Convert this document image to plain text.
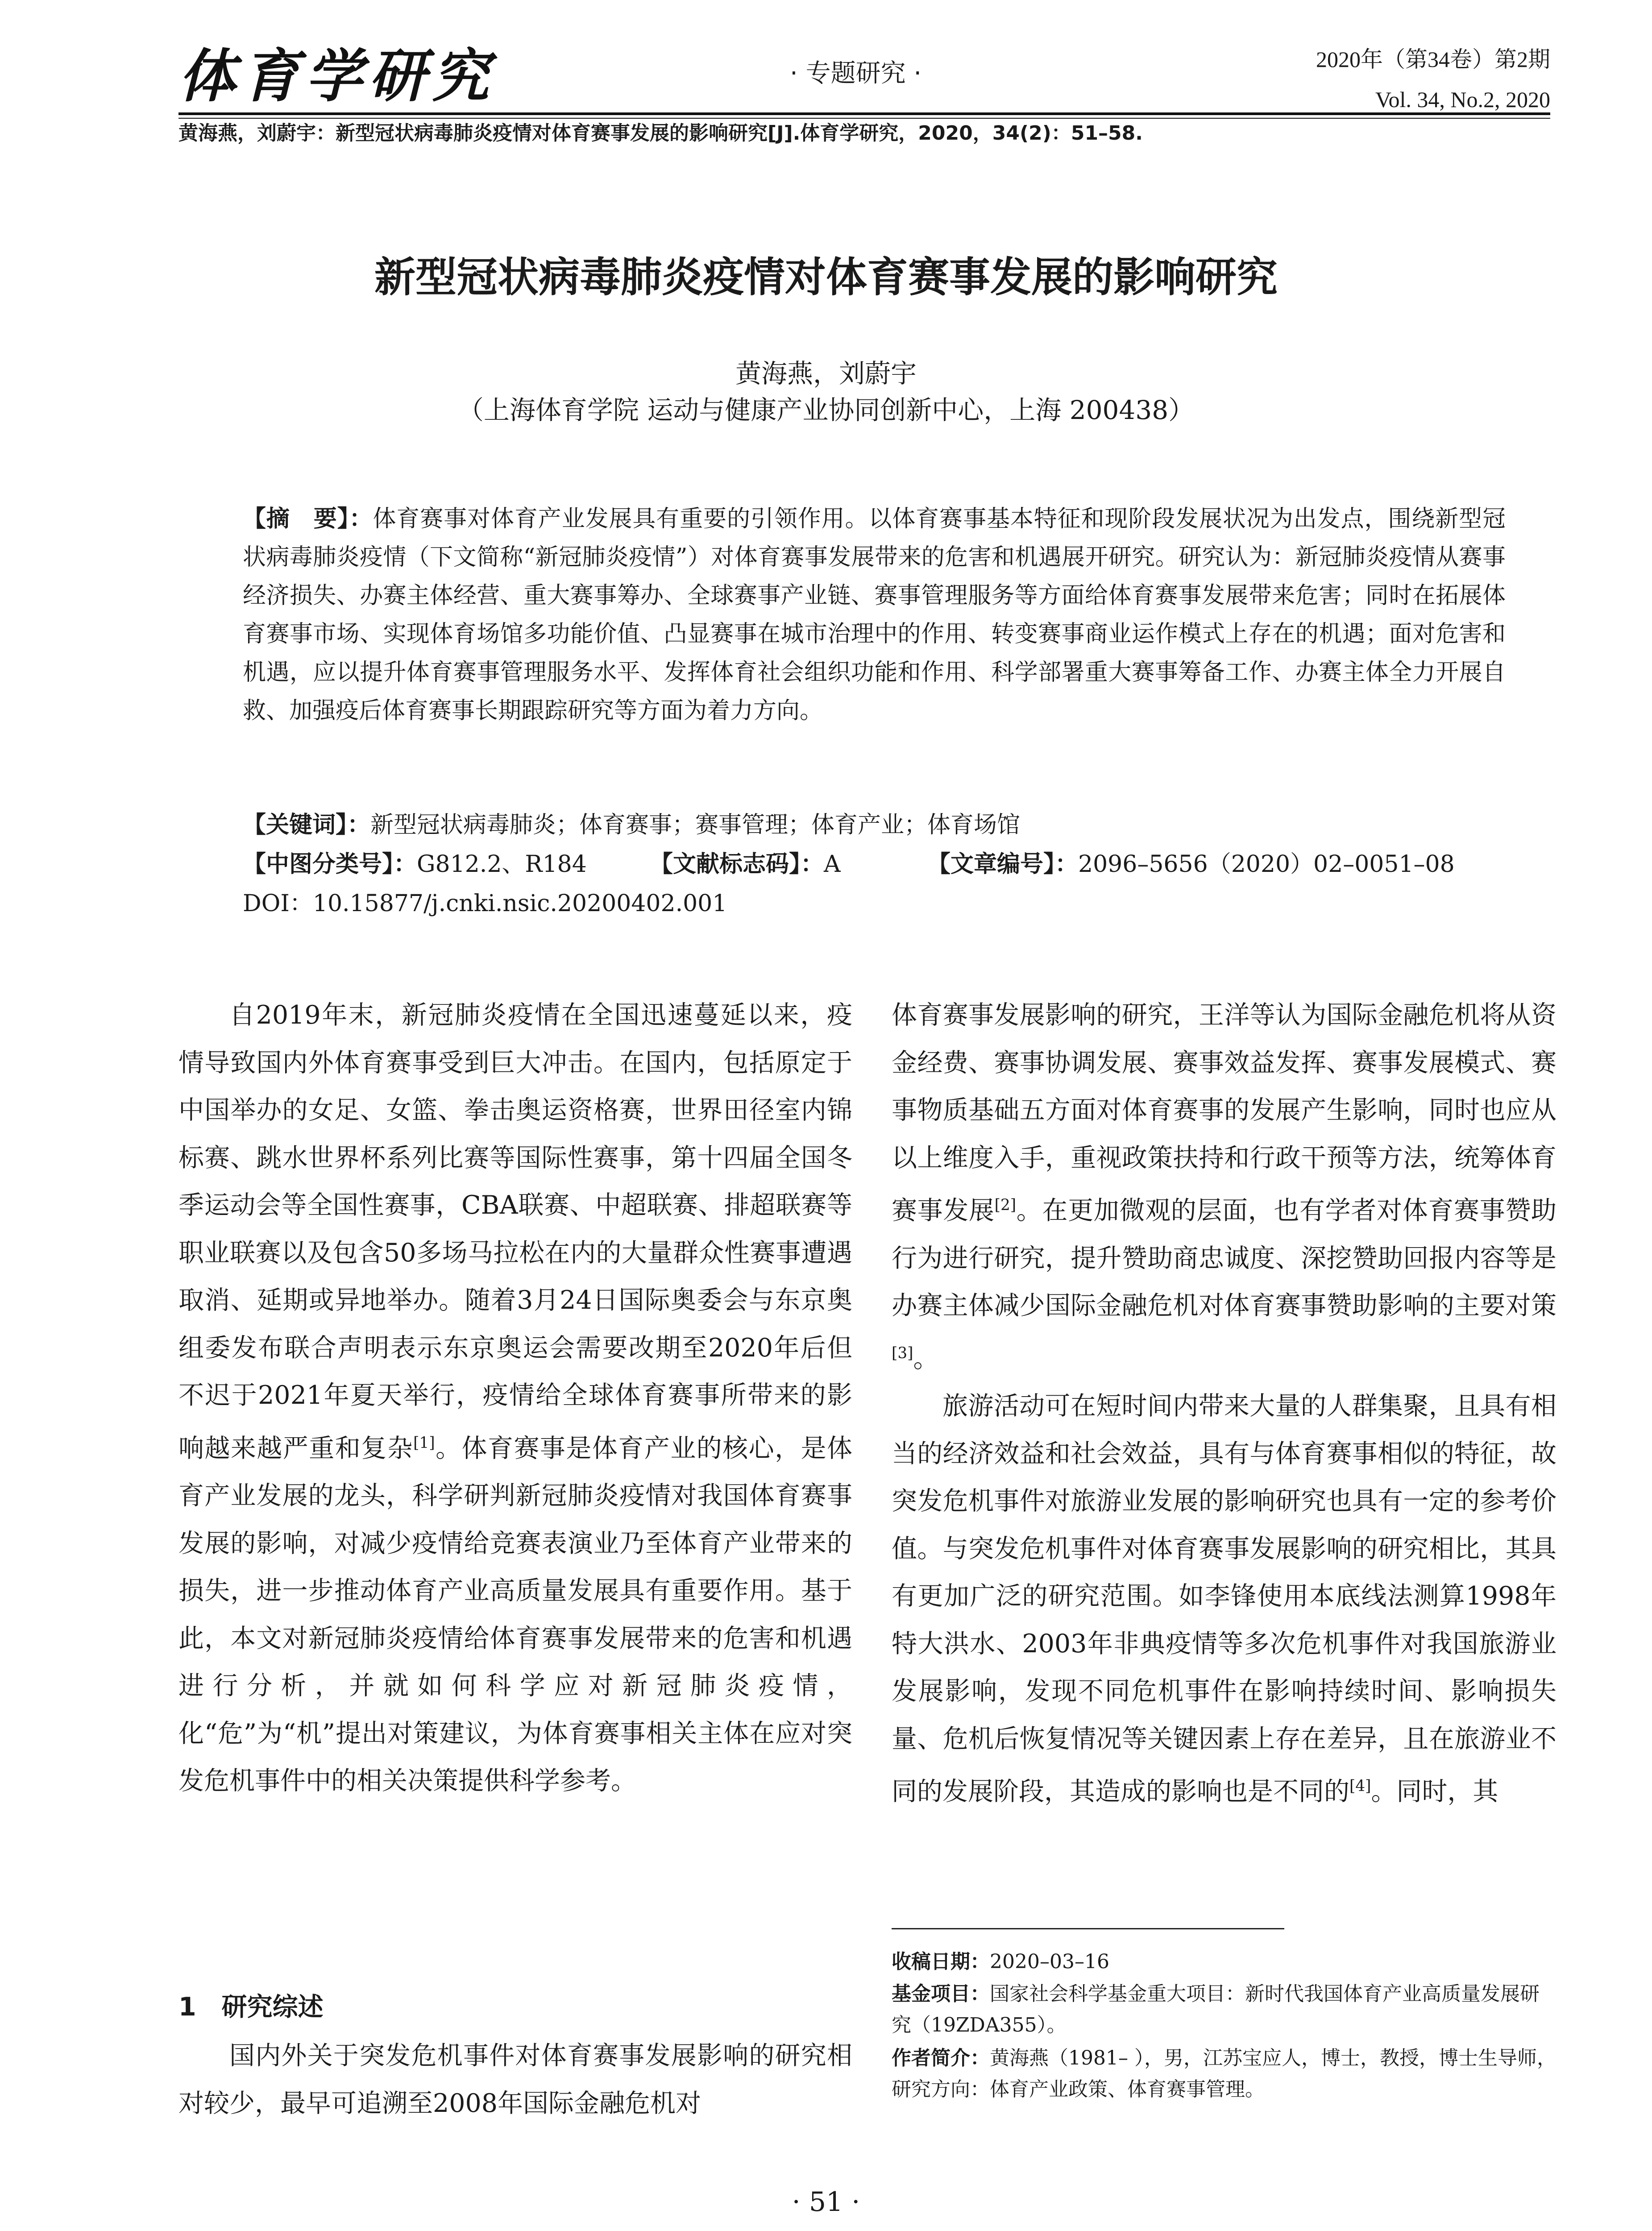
体育学研究	· 专题研究 ·	2020年（第34卷）第2期
Vol. 34, No.2, 2020
黄海燕，刘蔚宇：新型冠状病毒肺炎疫情对体育赛事发展的影响研究[J].体育学研究，2020，34(2)：51–58.
新型冠状病毒肺炎疫情对体育赛事发展的影响研究
黄海燕，刘蔚宇
（上海体育学院 运动与健康产业协同创新中心，上海 200438）
【摘　要】：体育赛事对体育产业发展具有重要的引领作用。以体育赛事基本特征和现阶段发展状况为出发点，围绕新型冠状病毒肺炎疫情（下文简称“新冠肺炎疫情”）对体育赛事发展带来的危害和机遇展开研究。研究认为：新冠肺炎疫情从赛事经济损失、办赛主体经营、重大赛事筹办、全球赛事产业链、赛事管理服务等方面给体育赛事发展带来危害；同时在拓展体育赛事市场、实现体育场馆多功能价值、凸显赛事在城市治理中的作用、转变赛事商业运作模式上存在的机遇；面对危害和机遇，应以提升体育赛事管理服务水平、发挥体育社会组织功能和作用、科学部署重大赛事筹备工作、办赛主体全力开展自救、加强疫后体育赛事长期跟踪研究等方面为着力方向。
【关键词】：新型冠状病毒肺炎；体育赛事；赛事管理；体育产业；体育场馆
【中图分类号】：G812.2、R184	【文献标志码】：A	【文章编号】：2096–5656（2020）02–0051–08
DOI：10.15877/j.cnki.nsic.20200402.001

自2019年末，新冠肺炎疫情在全国迅速蔓延以来，疫情导致国内外体育赛事受到巨大冲击。在国内，包括原定于中国举办的女足、女篮、拳击奥运资格赛，世界田径室内锦标赛、跳水世界杯系列比赛等国际性赛事，第十四届全国冬季运动会等全国性赛事，CBA联赛、中超联赛、排超联赛等职业联赛以及包含50多场马拉松在内的大量群众性赛事遭遇取消、延期或异地举办。随着3月24日国际奥委会与东京奥组委发布联合声明表示东京奥运会需要改期至2020年后但不迟于2021年夏天举行，疫情给全球体育赛事所带来的影响越来越严重和复杂[1]。体育赛事是体育产业的核心，是体育产业发展的龙头，科学研判新冠肺炎疫情对我国体育赛事发展的影响，对减少疫情给竞赛表演业乃至体育产业带来的损失，进一步推动体育产业高质量发展具有重要作用。基于此，本文对新冠肺炎疫情给体育赛事发展带来的危害和机遇进行分析，并就如何科学应对新冠肺炎疫情，化“危”为“机”提出对策建议，为体育赛事相关主体在应对突发危机事件中的相关决策提供科学参考。

1　研究综述

国内外关于突发危机事件对体育赛事发展影响的研究相对较少，最早可追溯至2008年国际金融危机对

体育赛事发展影响的研究，王洋等认为国际金融危机将从资金经费、赛事协调发展、赛事效益发挥、赛事发展模式、赛事物质基础五方面对体育赛事的发展产生影响，同时也应从以上维度入手，重视政策扶持和行政干预等方法，统筹体育赛事发展[2]。在更加微观的层面，也有学者对体育赛事赞助行为进行研究，提升赞助商忠诚度、深挖赞助回报内容等是办赛主体减少国际金融危机对体育赛事赞助影响的主要对策[3]。

旅游活动可在短时间内带来大量的人群集聚，且具有相当的经济效益和社会效益，具有与体育赛事相似的特征，故突发危机事件对旅游业发展的影响研究也具有一定的参考价值。与突发危机事件对体育赛事发展影响的研究相比，其具有更加广泛的研究范围。如李锋使用本底线法测算1998年特大洪水、2003年非典疫情等多次危机事件对我国旅游业发展影响，发现不同危机事件在影响持续时间、影响损失量、危机后恢复情况等关键因素上存在差异，且在旅游业不同的发展阶段，其造成的影响也是不同的[4]。同时，其

收稿日期：2020–03–16
基金项目：国家社会科学基金重大项目：新时代我国体育产业高质量发展研究（19ZDA355）。
作者简介：黄海燕（1981– ），男，江苏宝应人，博士，教授，博士生导师，研究方向：体育产业政策、体育赛事管理。
· 51 ·
